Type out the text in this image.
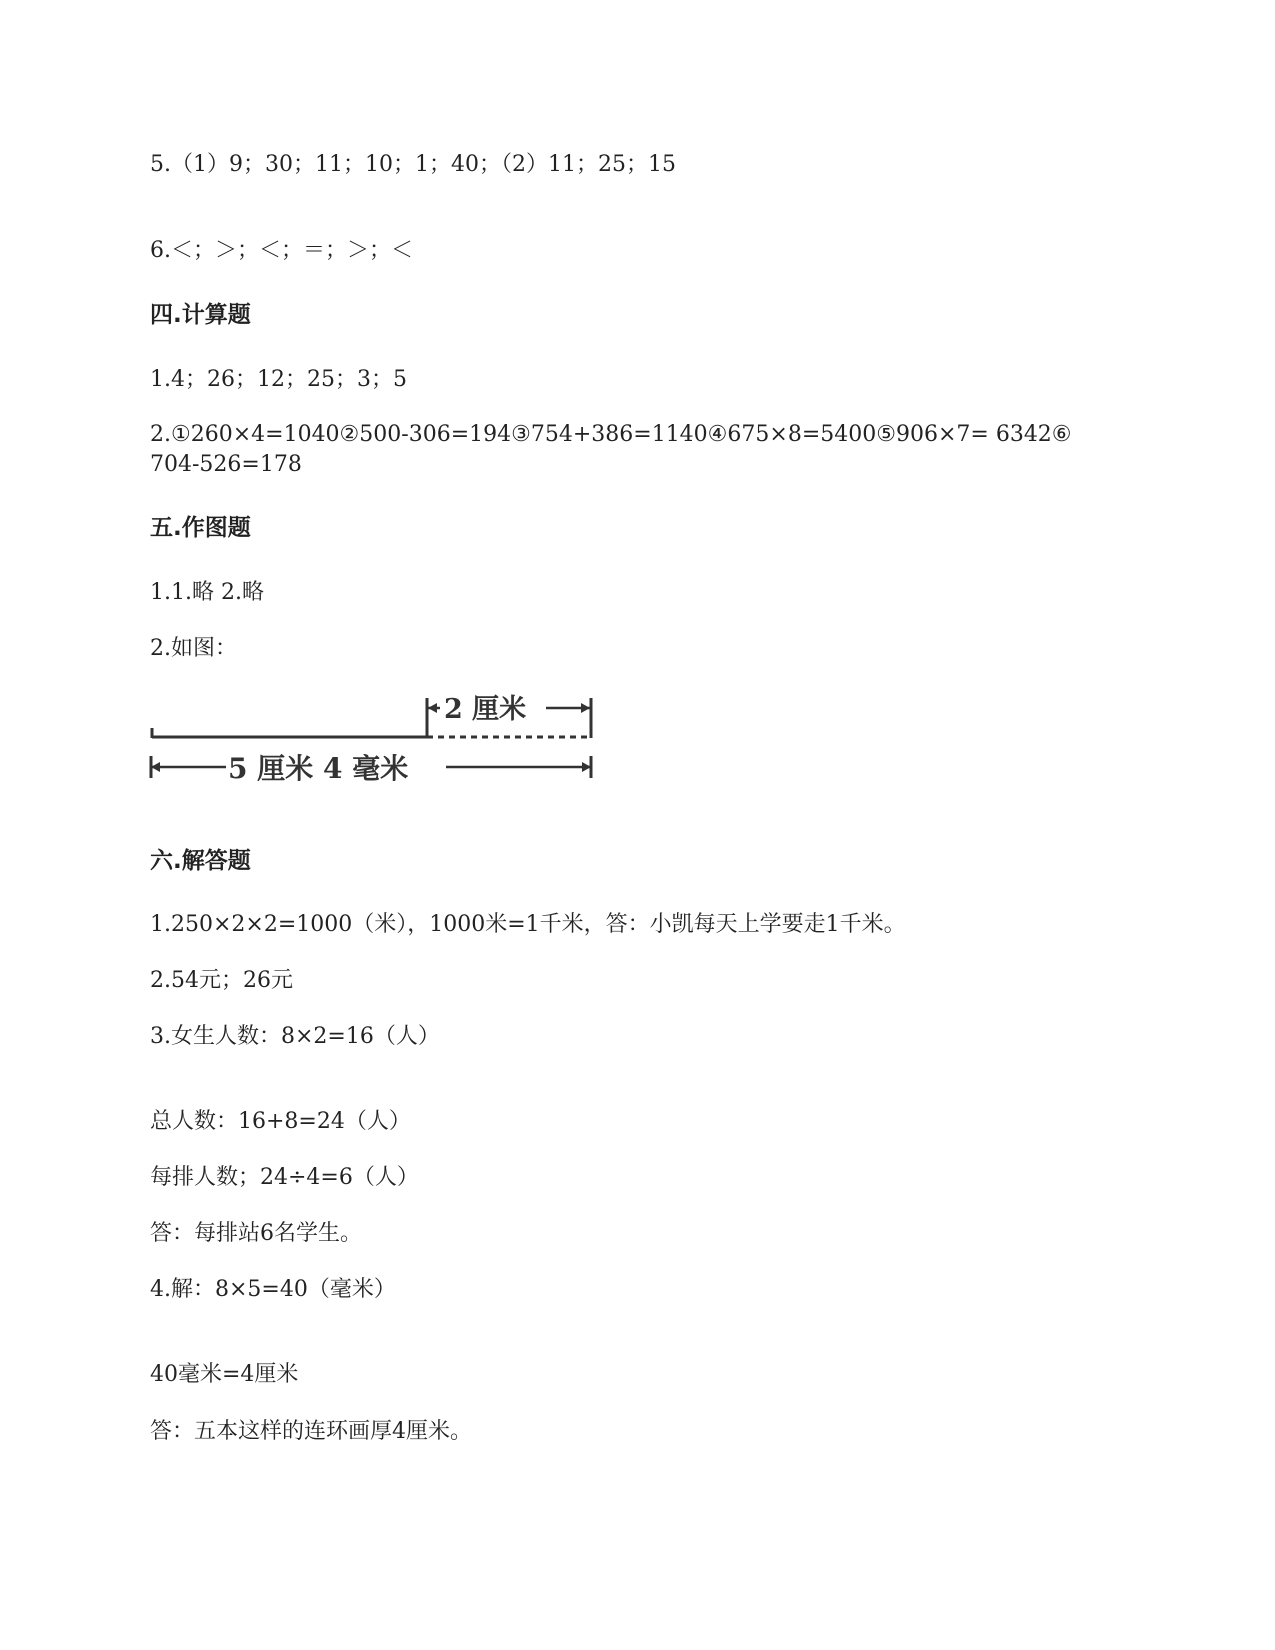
5.（1）9；30；11；10；1；40；（2）11；25；15
6.＜；＞；＜；＝；＞；＜
四.计算题
1.4；26；12；25；3；5
2.①260×4=1040②500-306=194③754+386=1140④675×8=5400⑤906×7= 6342⑥704-526=178
五.作图题
1.1.略 2.略
2.如图：
2 厘米
5 厘米 4 毫米
六.解答题
1.250×2×2=1000（米），1000米=1千米，答：小凯每天上学要走1千米。
2.54元；26元
3.女生人数：8×2=16（人）
总人数：16+8=24（人）
每排人数；24÷4=6（人）
答：每排站6名学生。
4.解：8×5=40（毫米）
40毫米=4厘米
答：五本这样的连环画厚4厘米。
